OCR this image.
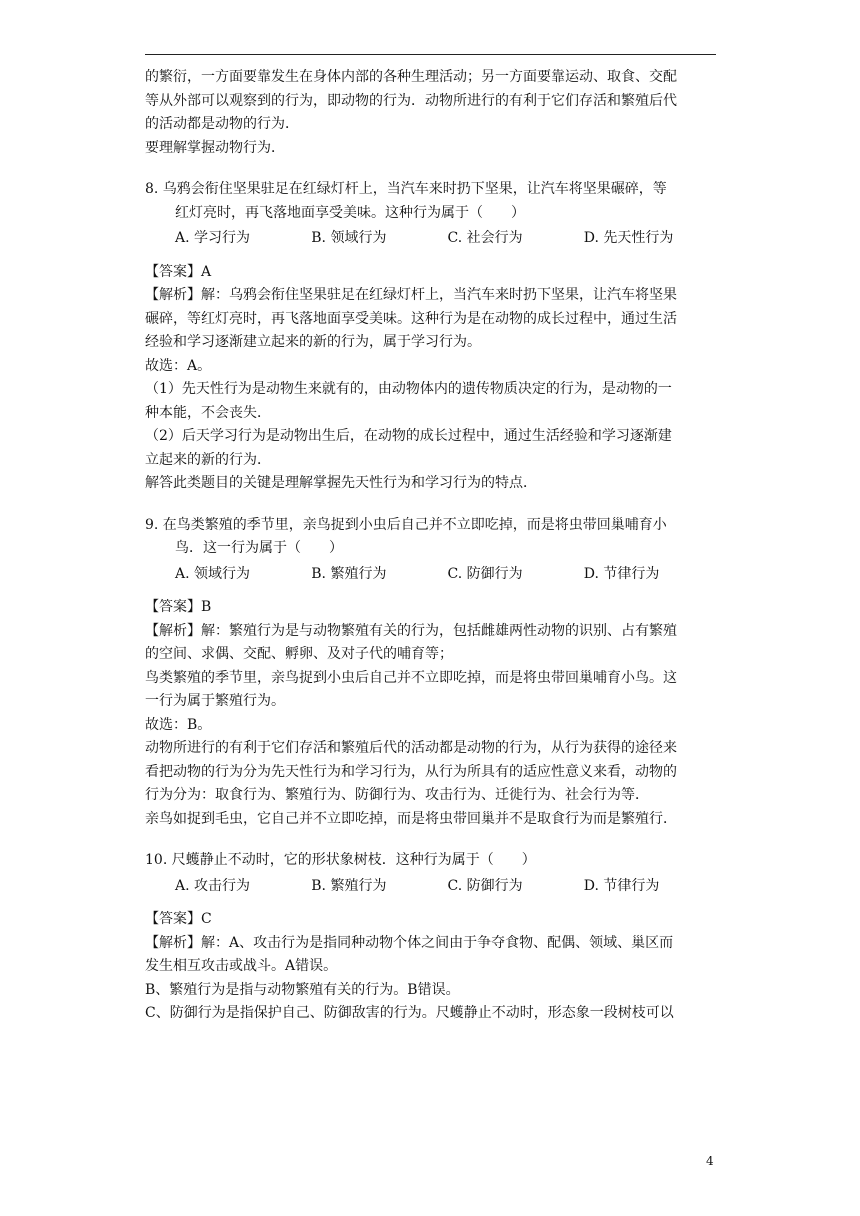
的繁衍，一方面要靠发生在身体内部的各种生理活动；另一方面要靠运动、取食、交配

等从外部可以观察到的行为，即动物的行为．动物所进行的有利于它们存活和繁殖后代

的活动都是动物的行为．

要理解掌握动物行为．

8. 乌鸦会衔住坚果驻足在红绿灯杆上，当汽车来时扔下坚果，让汽车将坚果碾碎，等

红灯亮时，再飞落地面享受美味。这种行为属于（　　）

A. 学习行为	B. 领域行为	C. 社会行为	D. 先天性行为

【答案】A

【解析】解：乌鸦会衔住坚果驻足在红绿灯杆上，当汽车来时扔下坚果，让汽车将坚果

碾碎，等红灯亮时，再飞落地面享受美味。这种行为是在动物的成长过程中，通过生活

经验和学习逐渐建立起来的新的行为，属于学习行为。

故选：A。

（1）先天性行为是动物生来就有的，由动物体内的遗传物质决定的行为，是动物的一

种本能，不会丧失．

（2）后天学习行为是动物出生后，在动物的成长过程中，通过生活经验和学习逐渐建

立起来的新的行为．

解答此类题目的关键是理解掌握先天性行为和学习行为的特点．

9. 在鸟类繁殖的季节里，亲鸟捉到小虫后自己并不立即吃掉，而是将虫带回巢哺育小

鸟．这一行为属于（　　）

A. 领域行为	B. 繁殖行为	C. 防御行为	D. 节律行为

【答案】B

【解析】解：繁殖行为是与动物繁殖有关的行为，包括雌雄两性动物的识别、占有繁殖

的空间、求偶、交配、孵卵、及对子代的哺育等；

鸟类繁殖的季节里，亲鸟捉到小虫后自己并不立即吃掉，而是将虫带回巢哺育小鸟。这

一行为属于繁殖行为。

故选：B。

动物所进行的有利于它们存活和繁殖后代的活动都是动物的行为，从行为获得的途径来

看把动物的行为分为先天性行为和学习行为，从行为所具有的适应性意义来看，动物的

行为分为：取食行为、繁殖行为、防御行为、攻击行为、迁徙行为、社会行为等．

亲鸟如捉到毛虫，它自己并不立即吃掉，而是将虫带回巢并不是取食行为而是繁殖行．

10. 尺蠖静止不动时，它的形状象树枝．这种行为属于（　　）

A. 攻击行为	B. 繁殖行为	C. 防御行为	D. 节律行为

【答案】C

【解析】解：A、攻击行为是指同种动物个体之间由于争夺食物、配偶、领域、巢区而

发生相互攻击或战斗。A错误。

B、繁殖行为是指与动物繁殖有关的行为。B错误。

C、防御行为是指保护自己、防御敌害的行为。尺蠖静止不动时，形态象一段树枝可以

4
